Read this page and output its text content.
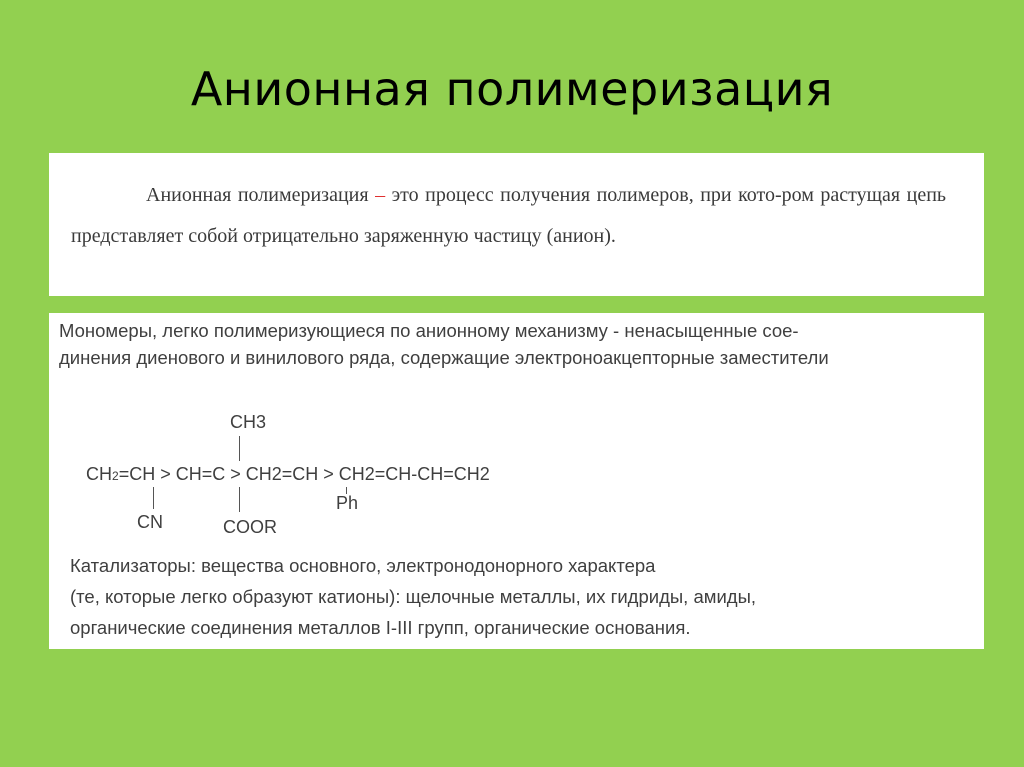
Анионная полимеризация

Анионная полимеризация – это процесс получения полимеров, при кото-ром растущая цепь представляет собой отрицательно заряженную частицу (анион).

Мономеры, легко полимеризующиеся по анионному механизму - ненасыщенные сое-
динения диенового и винилового ряда, содержащие электроноакцепторные заместители

CH3
CH2=CH > CH=C > CH2=CH > CH2=CH-CH=CH2
CN	COOR
Ph
Катализаторы: вещества основного, электронодонорного характера
(те, которые легко образуют катионы): щелочные металлы, их гидриды, амиды,
органические соединения металлов I-III групп, органические основания.
